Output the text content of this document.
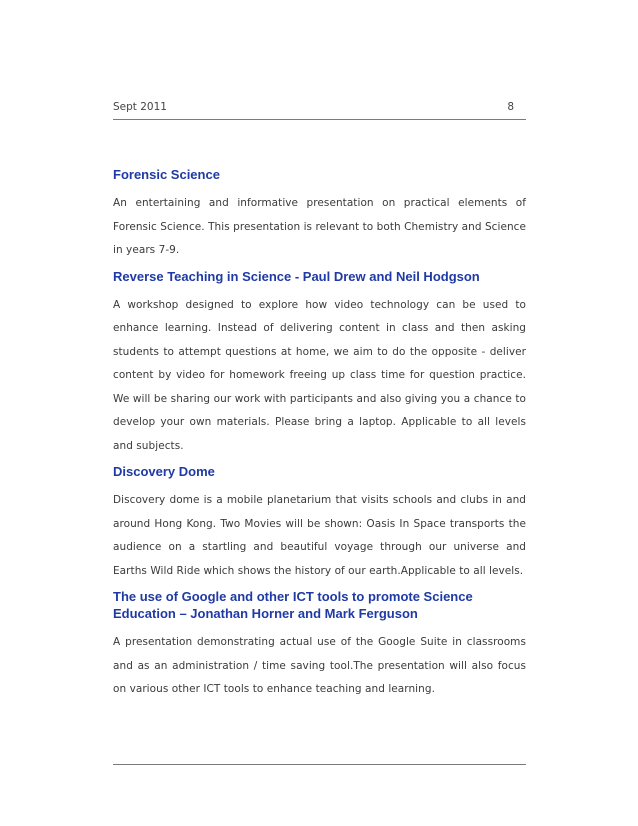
Sept 2011	8
Forensic Science

An entertaining and informative presentation on practical elements of Forensic Science. This presentation is relevant to both Chemistry and Science in years 7-9.

Reverse Teaching in Science - Paul Drew and Neil Hodgson

A workshop designed to explore how video technology can be used to enhance learning. Instead of delivering content in class and then asking students to attempt questions at home, we aim to do the opposite - deliver content by video for homework freeing up class time for question practice. We will be sharing our work with participants and also giving you a chance to develop your own materials. Please bring a laptop. Applicable to all levels and subjects.

Discovery Dome

Discovery dome is a mobile planetarium that visits schools and clubs in and around Hong Kong. Two Movies will be shown: Oasis In Space transports the audience on a startling and beautiful voyage through our universe and Earths Wild Ride which shows the history of our earth.Applicable to all levels.

The use of Google and other ICT tools to promote Science Education – Jonathan Horner and Mark Ferguson

A presentation demonstrating actual use of the Google Suite in classrooms and as an administration / time saving tool.The presentation will also focus on various other ICT tools to enhance teaching and learning.
